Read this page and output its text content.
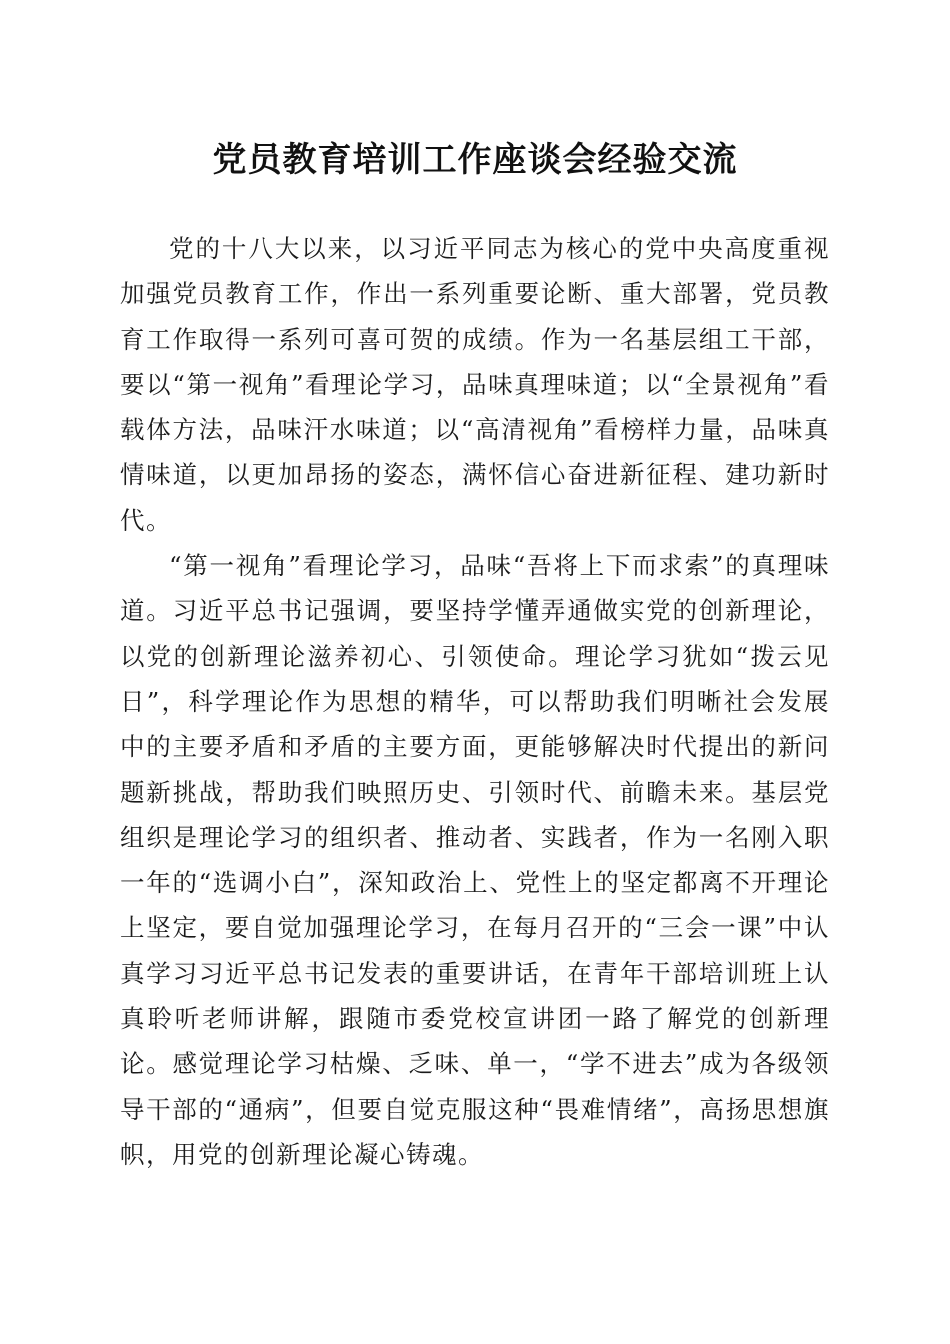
党员教育培训工作座谈会经验交流

党的十八大以来，以习近平同志为核心的党中央高度重视加强党员教育工作，作出一系列重要论断、重大部署，党员教育工作取得一系列可喜可贺的成绩。作为一名基层组工干部，要以“第一视角”看理论学习，品味真理味道；以“全景视角”看载体方法，品味汗水味道；以“高清视角”看榜样力量，品味真情味道，以更加昂扬的姿态，满怀信心奋进新征程、建功新时代。

“第一视角”看理论学习，品味“吾将上下而求索”的真理味道。习近平总书记强调，要坚持学懂弄通做实党的创新理论，以党的创新理论滋养初心、引领使命。理论学习犹如“拨云见日”，科学理论作为思想的精华，可以帮助我们明晰社会发展中的主要矛盾和矛盾的主要方面，更能够解决时代提出的新问题新挑战，帮助我们映照历史、引领时代、前瞻未来。基层党组织是理论学习的组织者、推动者、实践者，作为一名刚入职一年的“选调小白”，深知政治上、党性上的坚定都离不开理论上坚定，要自觉加强理论学习，在每月召开的“三会一课”中认真学习习近平总书记发表的重要讲话，在青年干部培训班上认真聆听老师讲解，跟随市委党校宣讲团一路了解党的创新理论。感觉理论学习枯燥、乏味、单一，“学不进去”成为各级领导干部的“通病”，但要自觉克服这种“畏难情绪”，高扬思想旗帜，用党的创新理论凝心铸魂。
